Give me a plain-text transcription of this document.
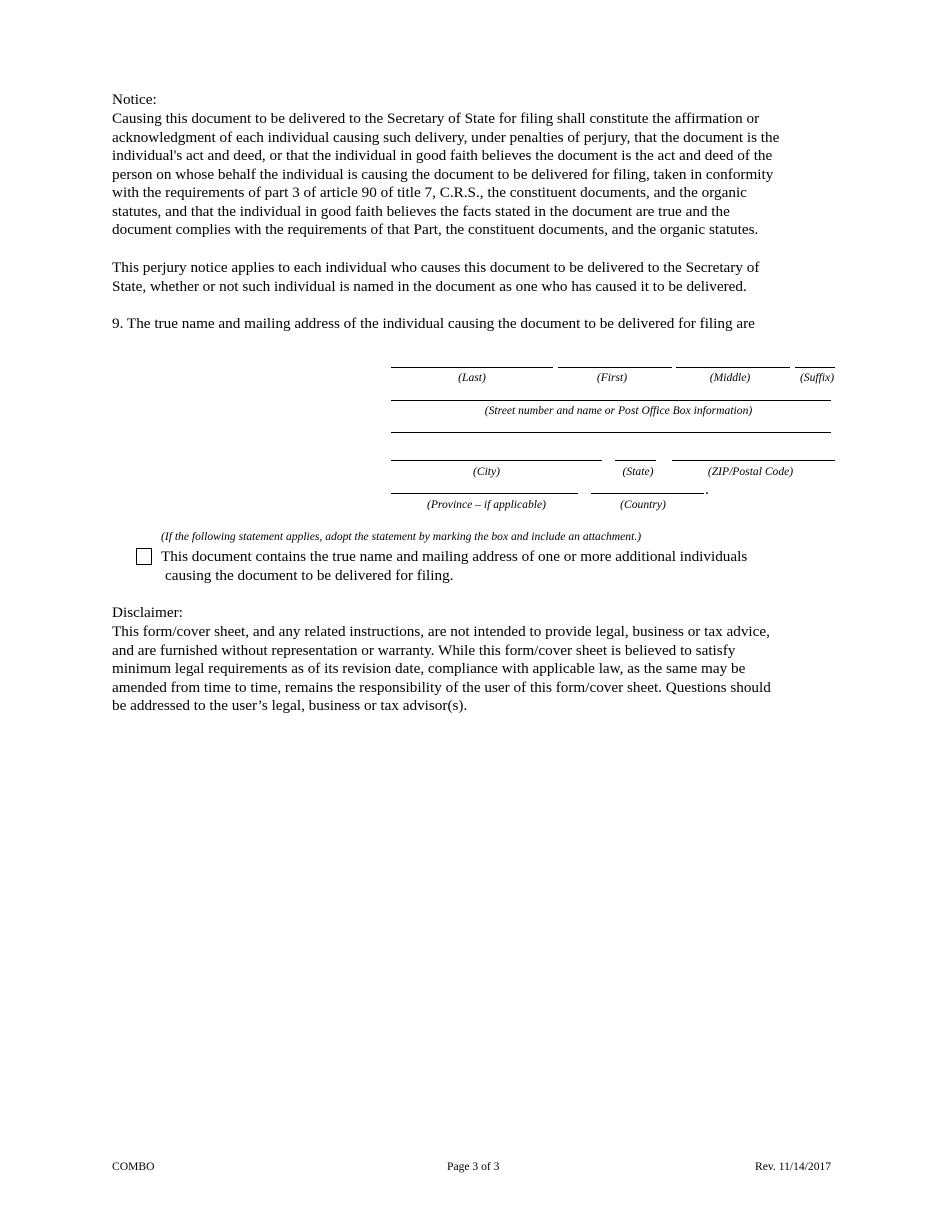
Notice:
Causing this document to be delivered to the Secretary of State for filing shall constitute the affirmation or
acknowledgment of each individual causing such delivery, under penalties of perjury, that the document is the
individual's act and deed, or that the individual in good faith believes the document is the act and deed of the
person on whose behalf the individual is causing the document to be delivered for filing, taken in conformity
with the requirements of part 3 of article 90 of title 7, C.R.S., the constituent documents, and the organic
statutes, and that the individual in good faith believes the facts stated in the document are true and the
document complies with the requirements of that Part, the constituent documents, and the organic statutes.
This perjury notice applies to each individual who causes this document to be delivered to the Secretary of
State, whether or not such individual is named in the document as one who has caused it to be delivered.
9. The true name and mailing address of the individual causing the document to be delivered for filing are
(Last)	(First)	(Middle)	(Suffix)
(Street number and name or Post Office Box information)
(City)	(State)	(ZIP/Postal Code)
.
(Province – if applicable)	(Country)
(If the following statement applies, adopt the statement by marking the box and include an attachment.)
This document contains the true name and mailing address of one or more additional individuals
causing the document to be delivered for filing.
Disclaimer:
This form/cover sheet, and any related instructions, are not intended to provide legal, business or tax advice,
and are furnished without representation or warranty. While this form/cover sheet is believed to satisfy
minimum legal requirements as of its revision date, compliance with applicable law, as the same may be
amended from time to time, remains the responsibility of the user of this form/cover sheet. Questions should
be addressed to the user’s legal, business or tax advisor(s).
COMBO	Page 3 of 3	Rev. 11/14/2017
